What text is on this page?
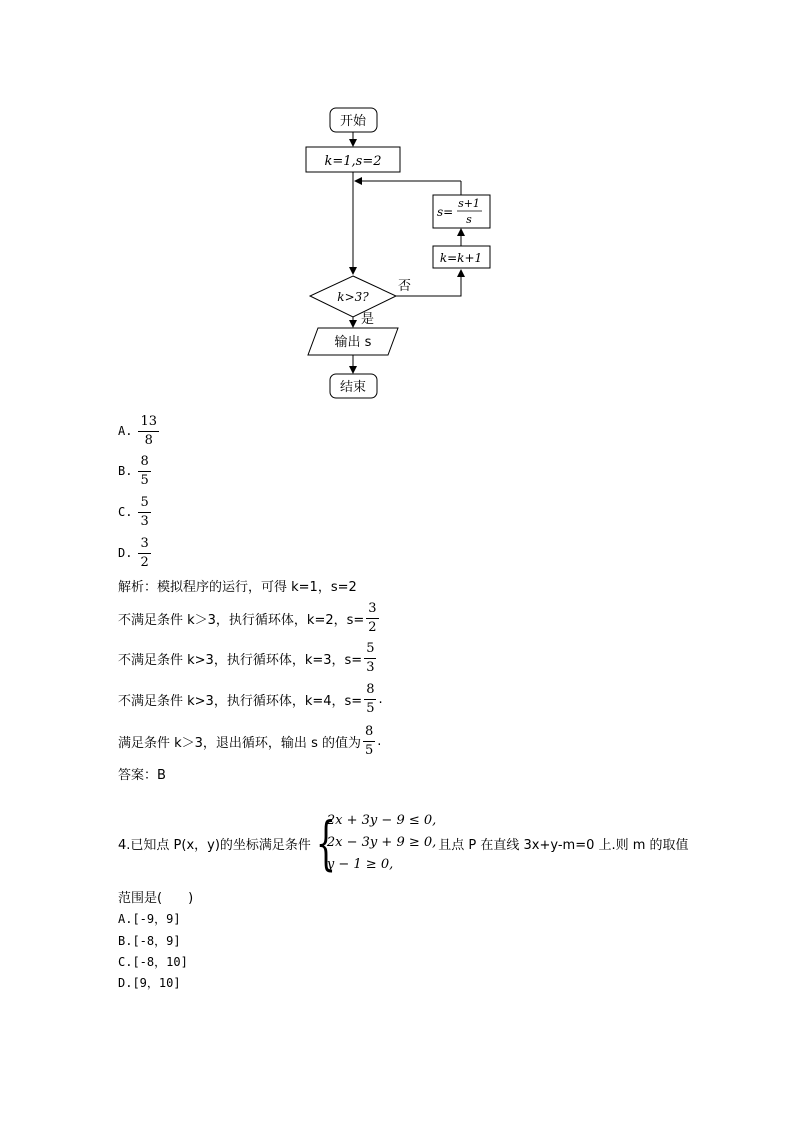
开始
k=1,s=2
k>3?
否
是
k=k+1
s=
s+1
s
输出 s
结束
A. $\frac{13}{8}$
B. $\frac{8}{5}$
C. $\frac{5}{3}$
D. $\frac{3}{2}$
解析：模拟程序的运行，可得 k=1，s=2
不满足条件 k＞3，执行循环体，k=2，$s= \frac{3}{2}$
不满足条件 k>3，执行循环体，k=3，$s= \frac{5}{3}$
不满足条件 k>3，执行循环体，k=4，$s= \frac{8}{5}$ .
满足条件 k＞3，退出循环，输出 s 的值为 $\frac{8}{5}$ .
答案：B
4.已知点 P(x，y)的坐标满足条件 {
2x + 3y − 9 ≤ 0,
2x − 3y + 9 ≥ 0,
y − 1 ≥ 0,
且点 P 在直线 3x+y-m=0 上.则 m 的取值
范围是(　　)
A.[-9，9]
B.[-8，9]
C.[-8，10]
D.[9，10]
